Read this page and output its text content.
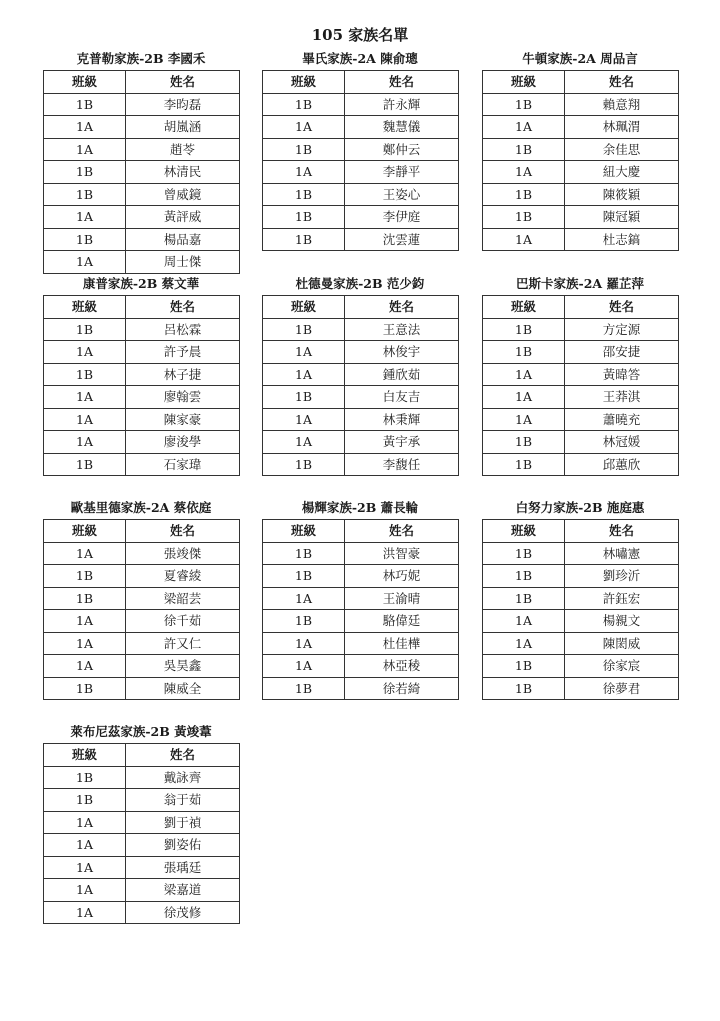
105 家族名單
克普勒家族-2B 李國禾
班級	姓名
1B	李昀磊
1A	胡嵐涵
1A	趙苓
1B	林清民
1B	曾威鏡
1A	黃評威
1B	楊品嘉
1A	周士傑
畢氏家族-2A 陳俞璁
班級	姓名
1B	許永輝
1A	魏慧儀
1B	鄭仲云
1A	李靜平
1B	王姿心
1B	李伊庭
1B	沈雲蓮
牛頓家族-2A 周品言
班級	姓名
1B	賴意翔
1A	林珮渭
1B	余佳思
1A	紐大慶
1B	陳筱穎
1B	陳冠穎
1A	杜志鎬
康普家族-2B 蔡文華
班級	姓名
1B	呂松霖
1A	許予晨
1B	林子捷
1A	廖翰雲
1A	陳家豪
1A	廖浚學
1B	石家瑋
杜德曼家族-2B 范少鈞
班級	姓名
1B	王意法
1A	林俊宇
1A	鍾欣茹
1B	白友吉
1A	林秉輝
1A	黃宇承
1B	李馥任
巴斯卡家族-2A 羅芷萍
班級	姓名
1B	方定源
1B	邵安捷
1A	黃暐答
1A	王莽淇
1A	蕭曉充
1B	林冠媛
1B	邱蕙欣
歐基里德家族-2A 蔡依庭
班級	姓名
1A	張竣傑
1B	夏睿綾
1B	梁韶芸
1A	徐千茹
1A	許又仁
1A	吳昊鑫
1B	陳威全
楊輝家族-2B 蕭長輪
班級	姓名
1B	洪智豪
1B	林巧妮
1A	王渝晴
1B	駱偉廷
1A	杜佳樺
1A	林亞稜
1B	徐若綺
白努力家族-2B 施庭惠
班級	姓名
1B	林嘯憲
1B	劉珍沂
1B	許鈺宏
1A	楊親文
1A	陳閎威
1B	徐家宸
1B	徐夢君
萊布尼茲家族-2B 黃竣葦
班級	姓名
1B	戴詠齊
1B	翁于茹
1A	劉于禎
1A	劉姿佑
1A	張瑀廷
1A	梁嘉道
1A	徐茂修
